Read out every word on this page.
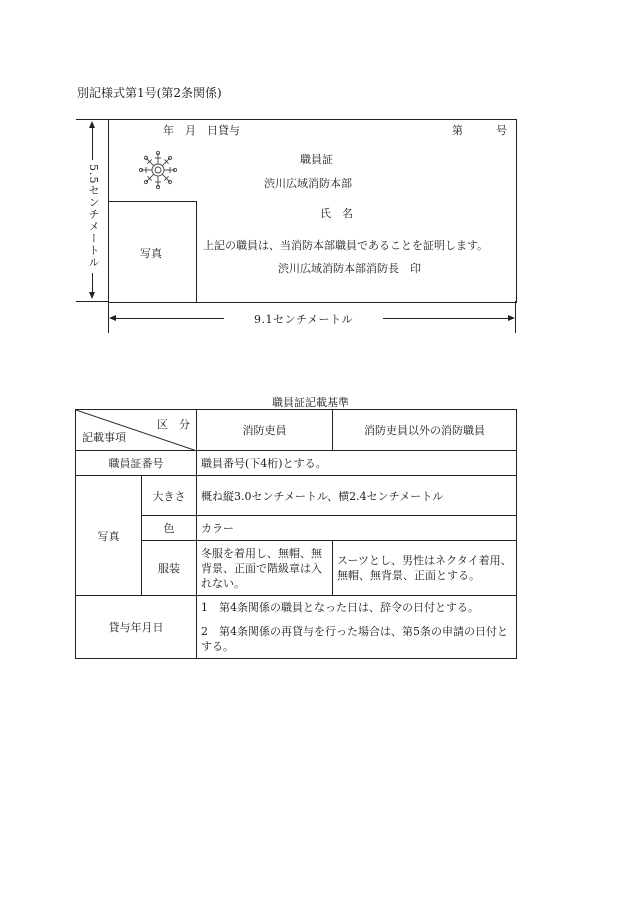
別記様式第1号(第2条関係)
5.5センチメートル
9.1センチメートル
写真
年　月　日貸与	第　　　号
職員証
渋川広域消防本部
氏　名
上記の職員は、当消防本部職員であることを証明します。
渋川広域消防本部消防長　印
職員証記載基準
区　分
記載事項		消防吏員	消防吏員以外の消防職員
職員証番号		職員番号(下4桁)とする。	
写真	大きさ	概ね縦3.0センチメートル、横2.4センチメートル	
	色	カラー	
	服装	冬服を着用し、無帽、無背景、正面で階級章は入れない。	スーツとし、男性はネクタイ着用、無帽、無背景、正面とする。
貸与年月日		1　第4条関係の職員となった日は、辞令の日付とする。
2　第4条関係の再貸与を行った場合は、第5条の申請の日付とする。	
